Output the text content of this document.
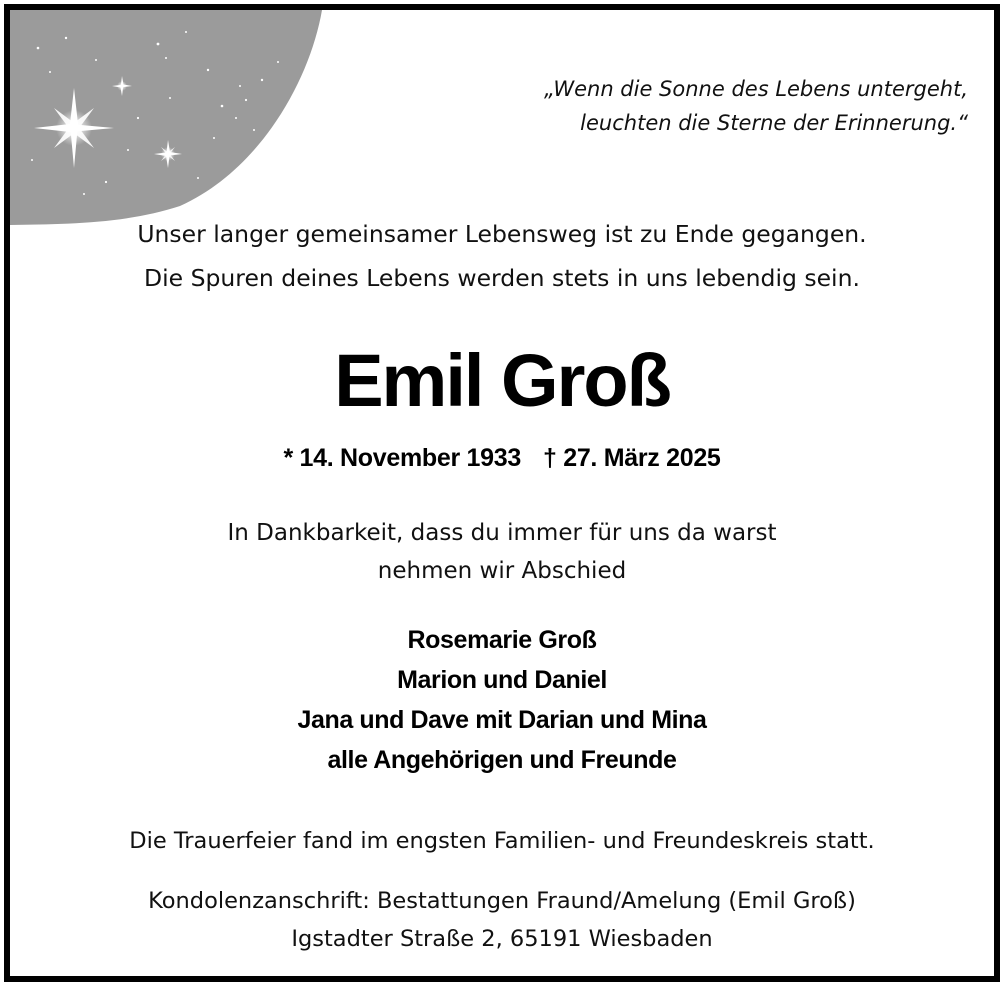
„Wenn die Sonne des Lebens untergeht,
leuchten die Sterne der Erinnerung.“
Unser langer gemeinsamer Lebensweg ist zu Ende gegangen.
Die Spuren deines Lebens werden stets in uns lebendig sein.
Emil Groß
* 14. November 1933 † 27. März 2025
In Dankbarkeit, dass du immer für uns da warst
nehmen wir Abschied
Rosemarie Groß
Marion und Daniel
Jana und Dave mit Darian und Mina
alle Angehörigen und Freunde
Die Trauerfeier fand im engsten Familien- und Freundeskreis statt.
Kondolenzanschrift: Bestattungen Fraund/Amelung (Emil Groß)
Igstadter Straße 2, 65191 Wiesbaden
